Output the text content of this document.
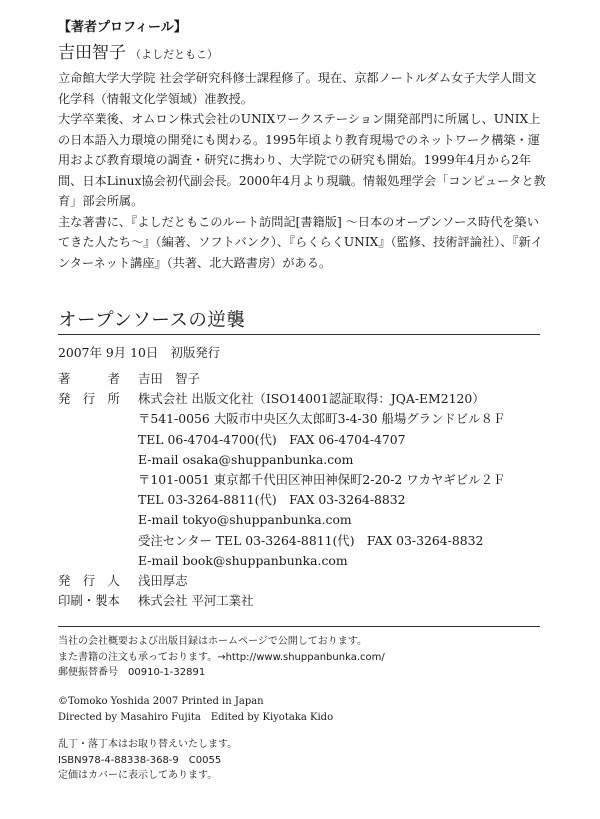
【著者プロフィール】
吉田智子 （よしだともこ）

立命館大学大学院 社会学研究科修士課程修了。現在、京都ノートルダム女子大学人間文化学科（情報文化学領域）准教授。

大学卒業後、オムロン株式会社のUNIXワークステーション開発部門に所属し、UNIX上の日本語入力環境の開発にも関わる。1995年頃より教育現場でのネットワーク構築・運用および教育環境の調査・研究に携わり、大学院での研究も開始。1999年4月から2年間、日本Linux協会初代副会長。2000年4月より現職。情報処理学会「コンピュータと教育」部会所属。

主な著書に、『よしだともこのルート訪問記[書籍版] 〜日本のオープンソース時代を築いてきた人たち〜』（編著、ソフトバンク）、『らくらくUNIX』（監修、技術評論社）、『新インターネット講座』（共著、北大路書房）がある。

オープンソースの逆襲
2007年 9月 10日　初版発行
著　　　者	吉田　智子
発　行　所	株式会社 出版文化社（ISO14001認証取得：JQA-EM2120）
〒541-0056 大阪市中央区久太郎町3-4-30 船場グランドビル８Ｆ
TEL 06-4704-4700(代)　FAX 06-4704-4707
E-mail osaka@shuppanbunka.com
〒101-0051 東京都千代田区神田神保町2-20-2 ワカヤギビル２Ｆ
TEL 03-3264-8811(代)　FAX 03-3264-8832
E-mail tokyo@shuppanbunka.com
受注センター TEL 03-3264-8811(代)　FAX 03-3264-8832
E-mail book@shuppanbunka.com
発　行　人	浅田厚志
印刷・製本	株式会社 平河工業社
当社の会社概要および出版目録はホームページで公開しております。
また書籍の注文も承っております。→http://www.shuppanbunka.com/
郵便振替番号　00910-1-32891
©Tomoko Yoshida 2007 Printed in Japan
Directed by Masahiro Fujita　Edited by Kiyotaka Kido
乱丁・落丁本はお取り替えいたします。
ISBN978-4-88338-368-9　C0055
定価はカバーに表示してあります。
